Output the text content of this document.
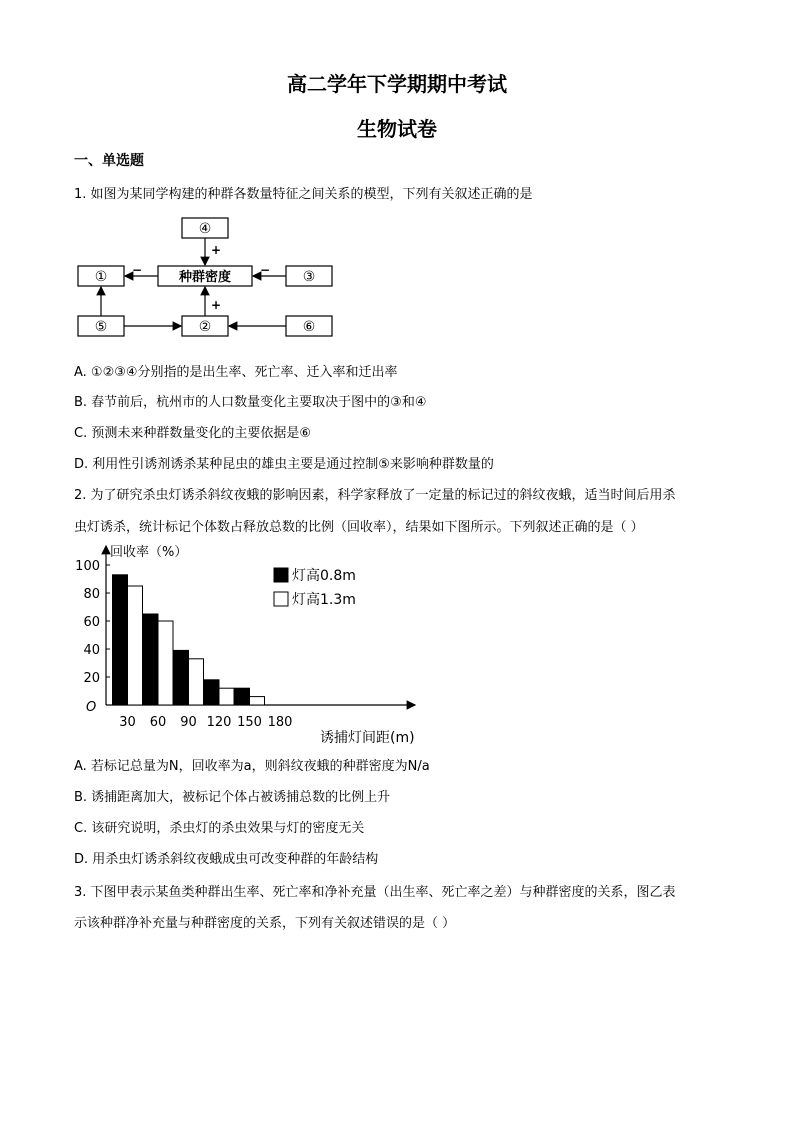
高二学年下学期期中考试
生物试卷
一、单选题
1. 如图为某同学构建的种群各数量特征之间关系的模型，下列有关叙述正确的是
④
①	种群密度	③
⑤	②	⑥
+
+
−	−
A. ①②③④分别指的是出生率、死亡率、迁入率和迁出率
B. 春节前后，杭州市的人口数量变化主要取决于图中的③和④
C. 预测未来种群数量变化的主要依据是⑥
D. 利用性引诱剂诱杀某种昆虫的雄虫主要是通过控制⑤来影响种群数量的
2. 为了研究杀虫灯诱杀斜纹夜蛾的影响因素，科学家释放了一定量的标记过的斜纹夜蛾，适当时间后用杀
虫灯诱杀，统计标记个体数占释放总数的比例（回收率），结果如下图所示。下列叙述正确的是（ ）
回收率（%）
O
20
40
60
80
100
30 60 90 120 150 180
诱捕灯间距(m)
灯高0.8m
灯高1.3m
A. 若标记总量为N，回收率为a，则斜纹夜蛾的种群密度为N/a
B. 诱捕距离加大，被标记个体占被诱捕总数的比例上升
C. 该研究说明，杀虫灯的杀虫效果与灯的密度无关
D. 用杀虫灯诱杀斜纹夜蛾成虫可改变种群的年龄结构
3. 下图甲表示某鱼类种群出生率、死亡率和净补充量（出生率、死亡率之差）与种群密度的关系，图乙表
示该种群净补充量与种群密度的关系，下列有关叙述错误的是（ ）
